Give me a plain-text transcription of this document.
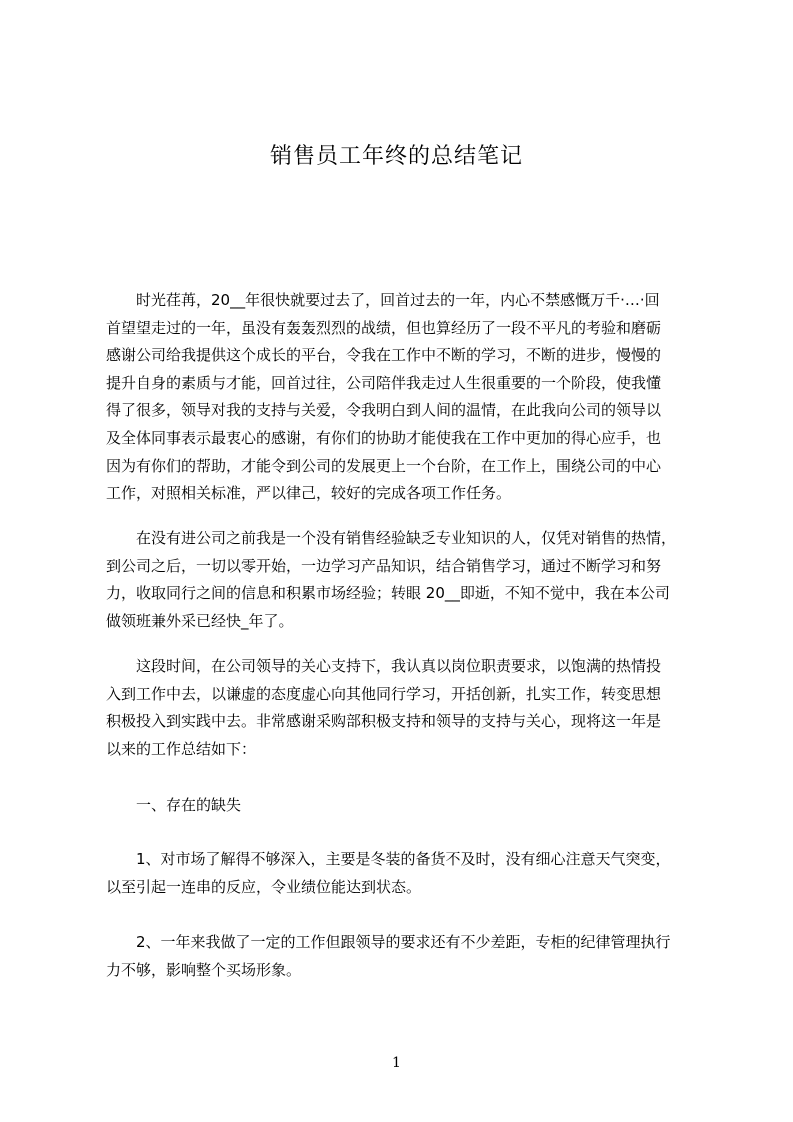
销售员工年终的总结笔记
　　时光荏苒，20__年很快就要过去了，回首过去的一年，内心不禁感慨万千·…·回
首望望走过的一年，虽没有轰轰烈烈的战绩，但也算经历了一段不平凡的考验和磨砺
感谢公司给我提供这个成长的平台，令我在工作中不断的学习，不断的进步，慢慢的
提升自身的素质与才能，回首过往，公司陪伴我走过人生很重要的一个阶段，使我懂
得了很多，领导对我的支持与关爱，令我明白到人间的温情，在此我向公司的领导以
及全体同事表示最衷心的感谢，有你们的协助才能使我在工作中更加的得心应手，也
因为有你们的帮助，才能令到公司的发展更上一个台阶，在工作上，围绕公司的中心
工作，对照相关标准，严以律己，较好的完成各项工作任务。
　　在没有进公司之前我是一个没有销售经验缺乏专业知识的人，仅凭对销售的热情，
到公司之后，一切以零开始，一边学习产品知识，结合销售学习，通过不断学习和努
力，收取同行之间的信息和积累市场经验；转眼 20__即逝，不知不觉中，我在本公司
做领班兼外采已经快_年了。
　　这段时间，在公司领导的关心支持下，我认真以岗位职责要求，以饱满的热情投
入到工作中去，以谦虚的态度虚心向其他同行学习，开括创新，扎实工作，转变思想
积极投入到实践中去。非常感谢采购部积极支持和领导的支持与关心，现将这一年是
以来的工作总结如下：
　　一、存在的缺失
　　1、对市场了解得不够深入，主要是冬装的备货不及时，没有细心注意天气突变，
以至引起一连串的反应，令业绩位能达到状态。
　　2、一年来我做了一定的工作但跟领导的要求还有不少差距，专柜的纪律管理执行
力不够，影响整个买场形象。
1
